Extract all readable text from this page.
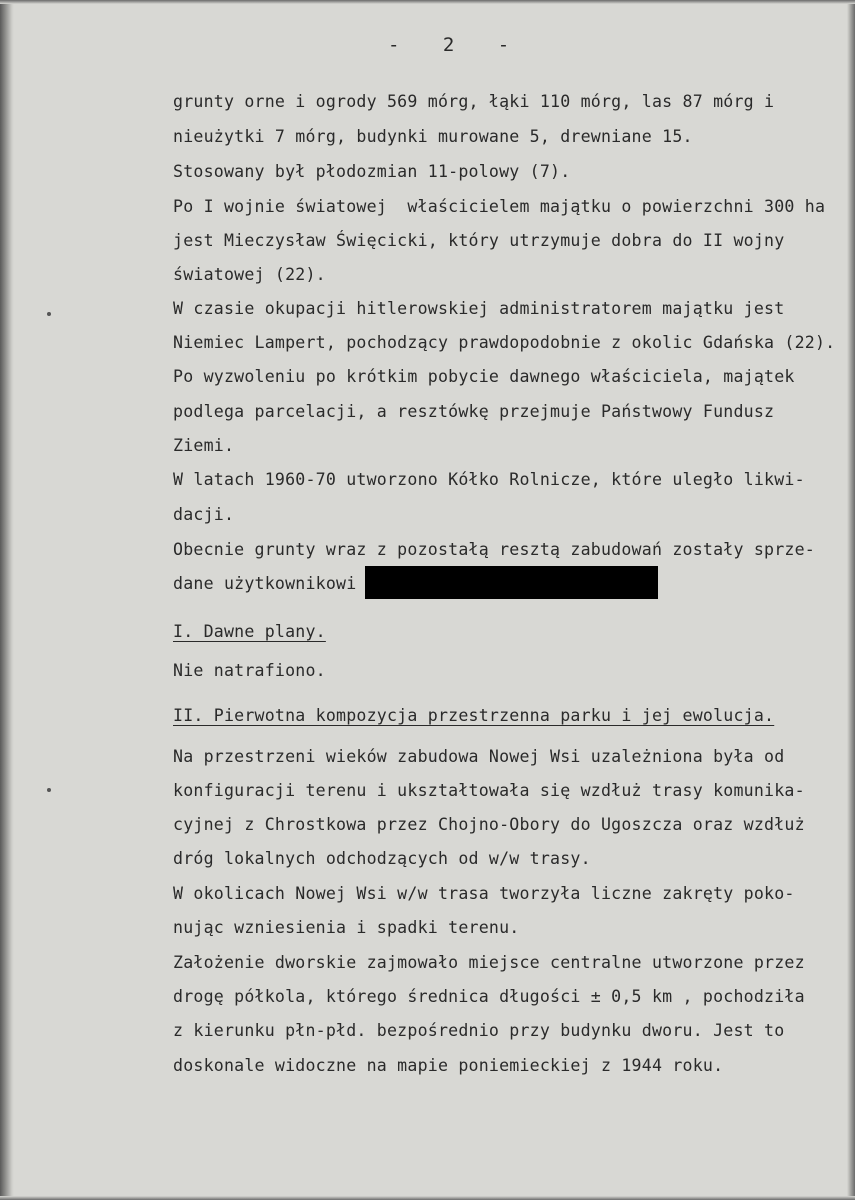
- 2 -
grunty orne i ogrody 569 mórg, łąki 110 mórg, las 87 mórg i
nieużytki 7 mórg, budynki murowane 5, drewniane 15.
Stosowany był płodozmian 11-polowy (7).
Po I wojnie światowej  właścicielem majątku o powierzchni 300 ha
jest Mieczysław Święcicki, który utrzymuje dobra do II wojny
światowej (22).
W czasie okupacji hitlerowskiej administratorem majątku jest
Niemiec Lampert, pochodzący prawdopodobnie z okolic Gdańska (22).
Po wyzwoleniu po krótkim pobycie dawnego właściciela, majątek
podlega parcelacji, a resztówkę przejmuje Państwowy Fundusz
Ziemi.
W latach 1960-70 utworzono Kółko Rolnicze, które uległo likwi-
dacji.
Obecnie grunty wraz z pozostałą resztą zabudowań zostały sprze-
dane użytkownikowi
I. Dawne plany.
Nie natrafiono.
II. Pierwotna kompozycja przestrzenna parku i jej ewolucja.
Na przestrzeni wieków zabudowa Nowej Wsi uzależniona była od
konfiguracji terenu i ukształtowała się wzdłuż trasy komunika-
cyjnej z Chrostkowa przez Chojno-Obory do Ugoszcza oraz wzdłuż
dróg lokalnych odchodzących od w/w trasy.
W okolicach Nowej Wsi w/w trasa tworzyła liczne zakręty poko-
nując wzniesienia i spadki terenu.
Założenie dworskie zajmowało miejsce centralne utworzone przez
drogę półkola, którego średnica długości ± 0,5 km , pochodziła
z kierunku płn-płd. bezpośrednio przy budynku dworu. Jest to
doskonale widoczne na mapie poniemieckiej z 1944 roku.
